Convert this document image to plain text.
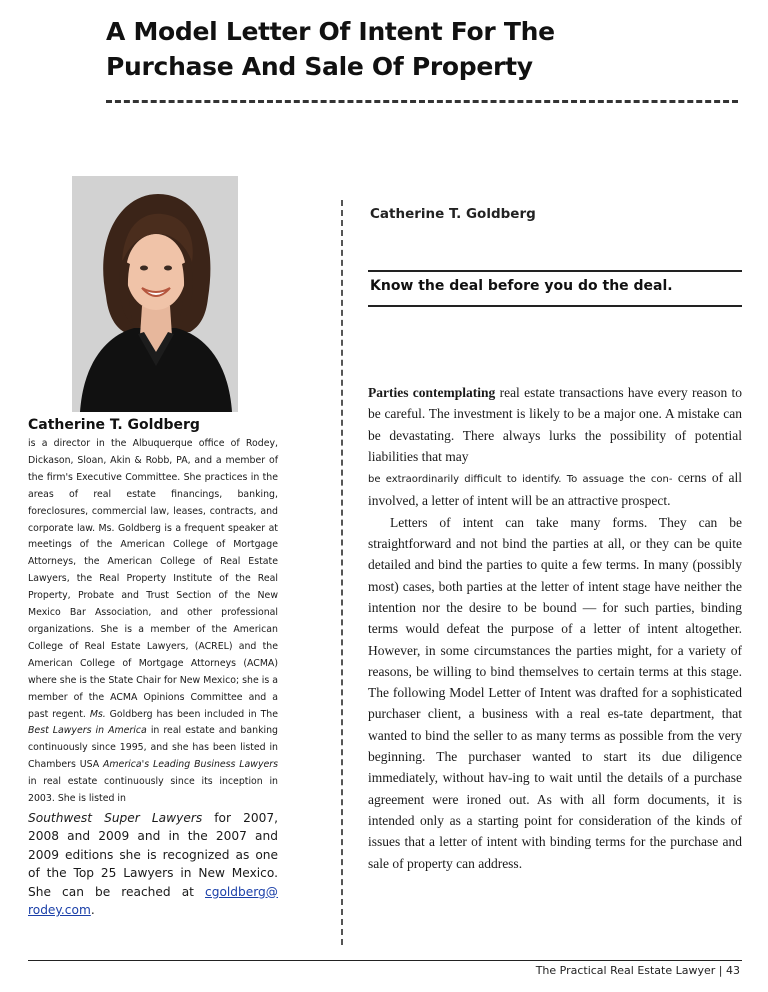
A Model Letter Of Intent For The
Purchase And Sale Of Property
Catherine T. Goldberg
is a director in the Albuquerque office of Rodey, Dickason, Sloan, Akin & Robb, PA, and a member of the firm's Executive Committee. She practices in the areas of real estate financings, banking, foreclosures, commercial law, leases, contracts, and corporate law. Ms. Goldberg is a frequent speaker at meetings of the American College of Mortgage Attorneys, the American College of Real Estate Lawyers, the Real Property Institute of the Real Property, Probate and Trust Section of the New Mexico Bar Association, and other professional organizations. She is a member of the American College of Real Estate Lawyers, (ACREL) and the American College of Mortgage Attorneys (ACMA) where she is the State Chair for New Mexico; she is a member of the ACMA Opinions Committee and a past regent. Ms. Goldberg has been included in The Best Lawyers in America in real estate and banking continuously since 1995, and she has been listed in Chambers USA America's Leading Business Lawyers in real estate continuously since its inception in 2003. She is listed in
Southwest Super Lawyers for 2007, 2008 and 2009 and in the 2007 and 2009 editions she is recognized as one of the Top 25 Lawyers in New Mexico. She can be reached at cgoldberg@ rodey.com.
Catherine T. Goldberg
Know the deal before you do the deal.

Parties contemplating real estate transactions have every reason to be careful. The investment is likely to be a major one. A mistake can be devastating. There always lurks the possibility of potential liabilities that may
be extraordinarily difficult to identify. To assuage the con- cerns of all involved, a letter of intent will be an attractive prospect.

Letters of intent can take many forms. They can be straightforward and not bind the parties at all, or they can be quite detailed and bind the parties to quite a few terms. In many (possibly most) cases, both parties at the letter of intent stage have neither the intention nor the desire to be bound — for such parties, binding terms would defeat the purpose of a letter of intent altogether. However, in some circumstances the parties might, for a variety of reasons, be willing to bind themselves to certain terms at this stage. The following Model Letter of Intent was drafted for a sophisticated purchaser client, a business with a real es-tate department, that wanted to bind the seller to as many terms as possible from the very beginning. The purchaser wanted to start its due diligence immediately, without hav-ing to wait until the details of a purchase agreement were ironed out. As with all form documents, it is intended only as a starting point for consideration of the kinds of issues that a letter of intent with binding terms for the purchase and sale of property can address.

The Practical Real Estate Lawyer | 43
